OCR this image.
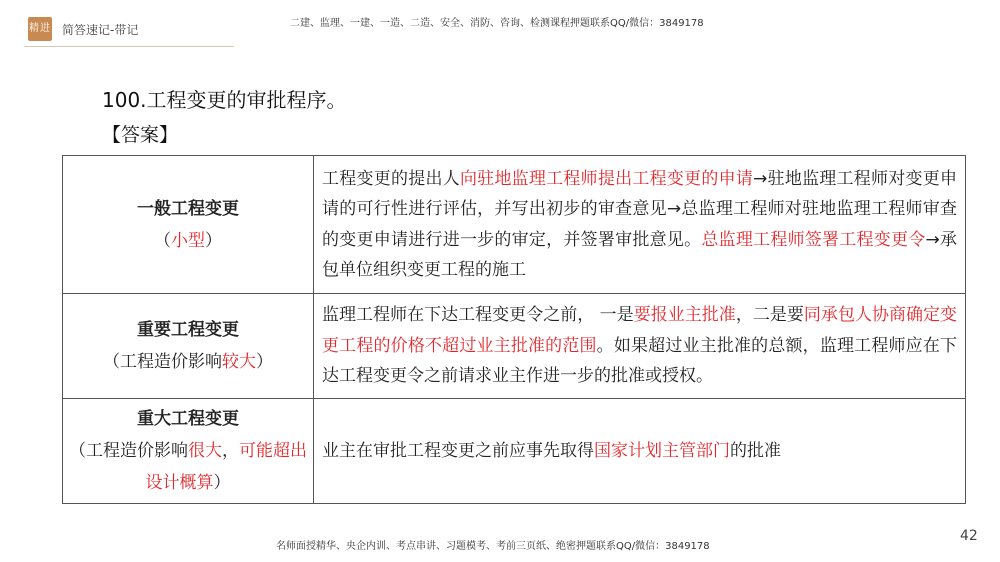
精进 简答速记-带记	二建、监理、一建、一造、二造、安全、消防、咨询、检测课程押题联系QQ/微信：3849178
100.工程变更的审批程序。
【答案】
一般工程变更
（小型）	工程变更的提出人向驻地监理工程师提出工程变更的申请→驻地监理工程师对变更申请的可行性进行评估，并写出初步的审查意见→总监理工程师对驻地监理工程师审查的变更申请进行进一步的审定，并签署审批意见。总监理工程师签署工程变更令→承包单位组织变更工程的施工

重要工程变更
（工程造价影响较大）	监理工程师在下达工程变更令之前， 一是要报业主批准，二是要同承包人协商确定变更工程的价格不超过业主批准的范围。如果超过业主批准的总额，监理工程师应在下达工程变更令之前请求业主作进一步的批准或授权。

重大工程变更
（工程造价影响很大，可能超出设计概算）	业主在审批工程变更之前应事先取得国家计划主管部门的批准
名师面授精华、央企内训、考点串讲、习题模考、考前三页纸、绝密押题联系QQ/微信：3849178
42
